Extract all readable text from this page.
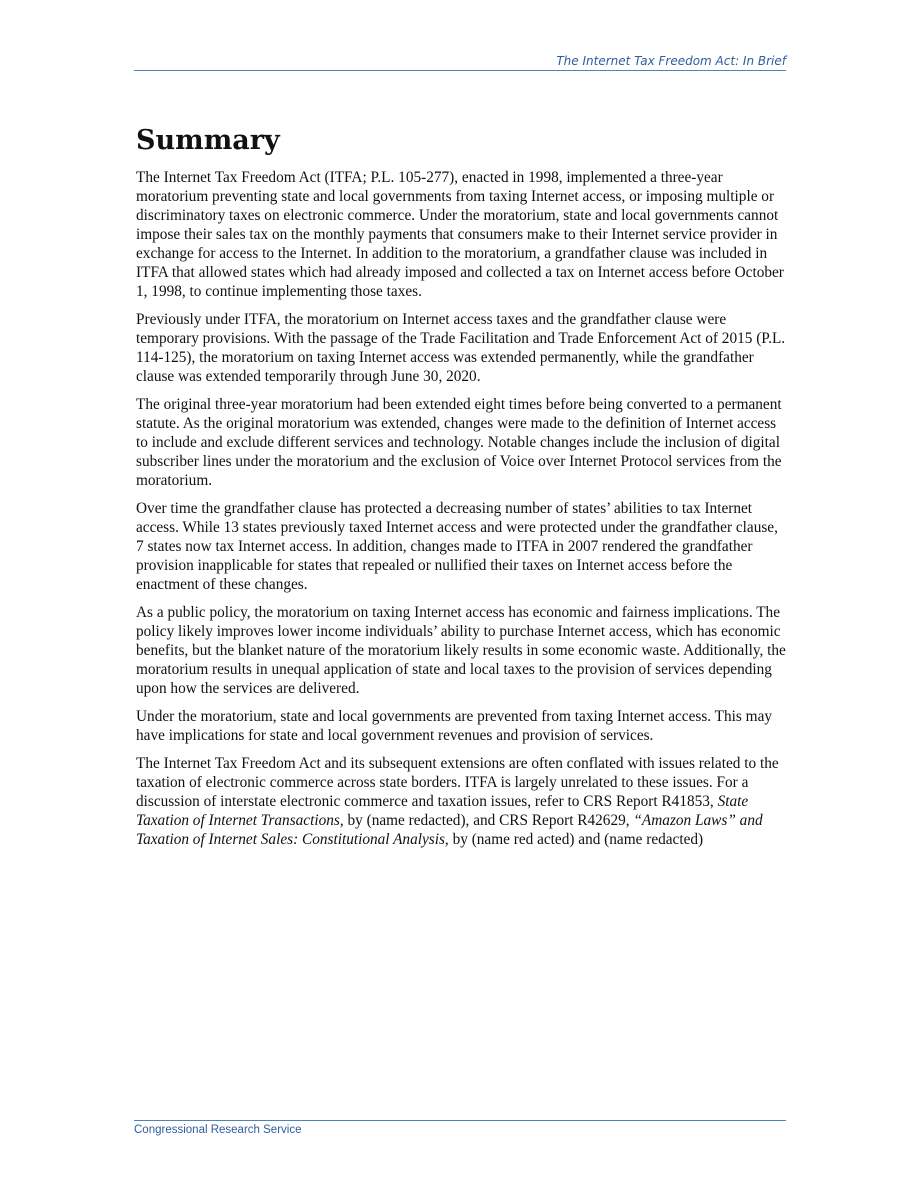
The Internet Tax Freedom Act: In Brief
Summary

The Internet Tax Freedom Act (ITFA; P.L. 105-277), enacted in 1998, implemented a three-year moratorium preventing state and local governments from taxing Internet access, or imposing multiple or discriminatory taxes on electronic commerce. Under the moratorium, state and local governments cannot impose their sales tax on the monthly payments that consumers make to their Internet service provider in exchange for access to the Internet. In addition to the moratorium, a grandfather clause was included in ITFA that allowed states which had already imposed and collected a tax on Internet access before October 1, 1998, to continue implementing those taxes.

Previously under ITFA, the moratorium on Internet access taxes and the grandfather clause were temporary provisions. With the passage of the Trade Facilitation and Trade Enforcement Act of 2015 (P.L. 114-125), the moratorium on taxing Internet access was extended permanently, while the grandfather clause was extended temporarily through June 30, 2020.

The original three-year moratorium had been extended eight times before being converted to a permanent statute. As the original moratorium was extended, changes were made to the definition of Internet access to include and exclude different services and technology. Notable changes include the inclusion of digital subscriber lines under the moratorium and the exclusion of Voice over Internet Protocol services from the moratorium.

Over time the grandfather clause has protected a decreasing number of states’ abilities to tax Internet access. While 13 states previously taxed Internet access and were protected under the grandfather clause, 7 states now tax Internet access. In addition, changes made to ITFA in 2007 rendered the grandfather provision inapplicable for states that repealed or nullified their taxes on Internet access before the enactment of these changes.

As a public policy, the moratorium on taxing Internet access has economic and fairness implications. The policy likely improves lower income individuals’ ability to purchase Internet access, which has economic benefits, but the blanket nature of the moratorium likely results in some economic waste. Additionally, the moratorium results in unequal application of state and local taxes to the provision of services depending upon how the services are delivered.

Under the moratorium, state and local governments are prevented from taxing Internet access. This may have implications for state and local government revenues and provision of services.

The Internet Tax Freedom Act and its subsequent extensions are often conflated with issues related to the taxation of electronic commerce across state borders. ITFA is largely unrelated to these issues. For a discussion of interstate electronic commerce and taxation issues, refer to CRS Report R41853, State Taxation of Internet Transactions, by (name redacted), and CRS Report R42629, “Amazon Laws” and Taxation of Internet Sales: Constitutional Analysis, by (name red acted) and (name redacted)

Congressional Research Service
